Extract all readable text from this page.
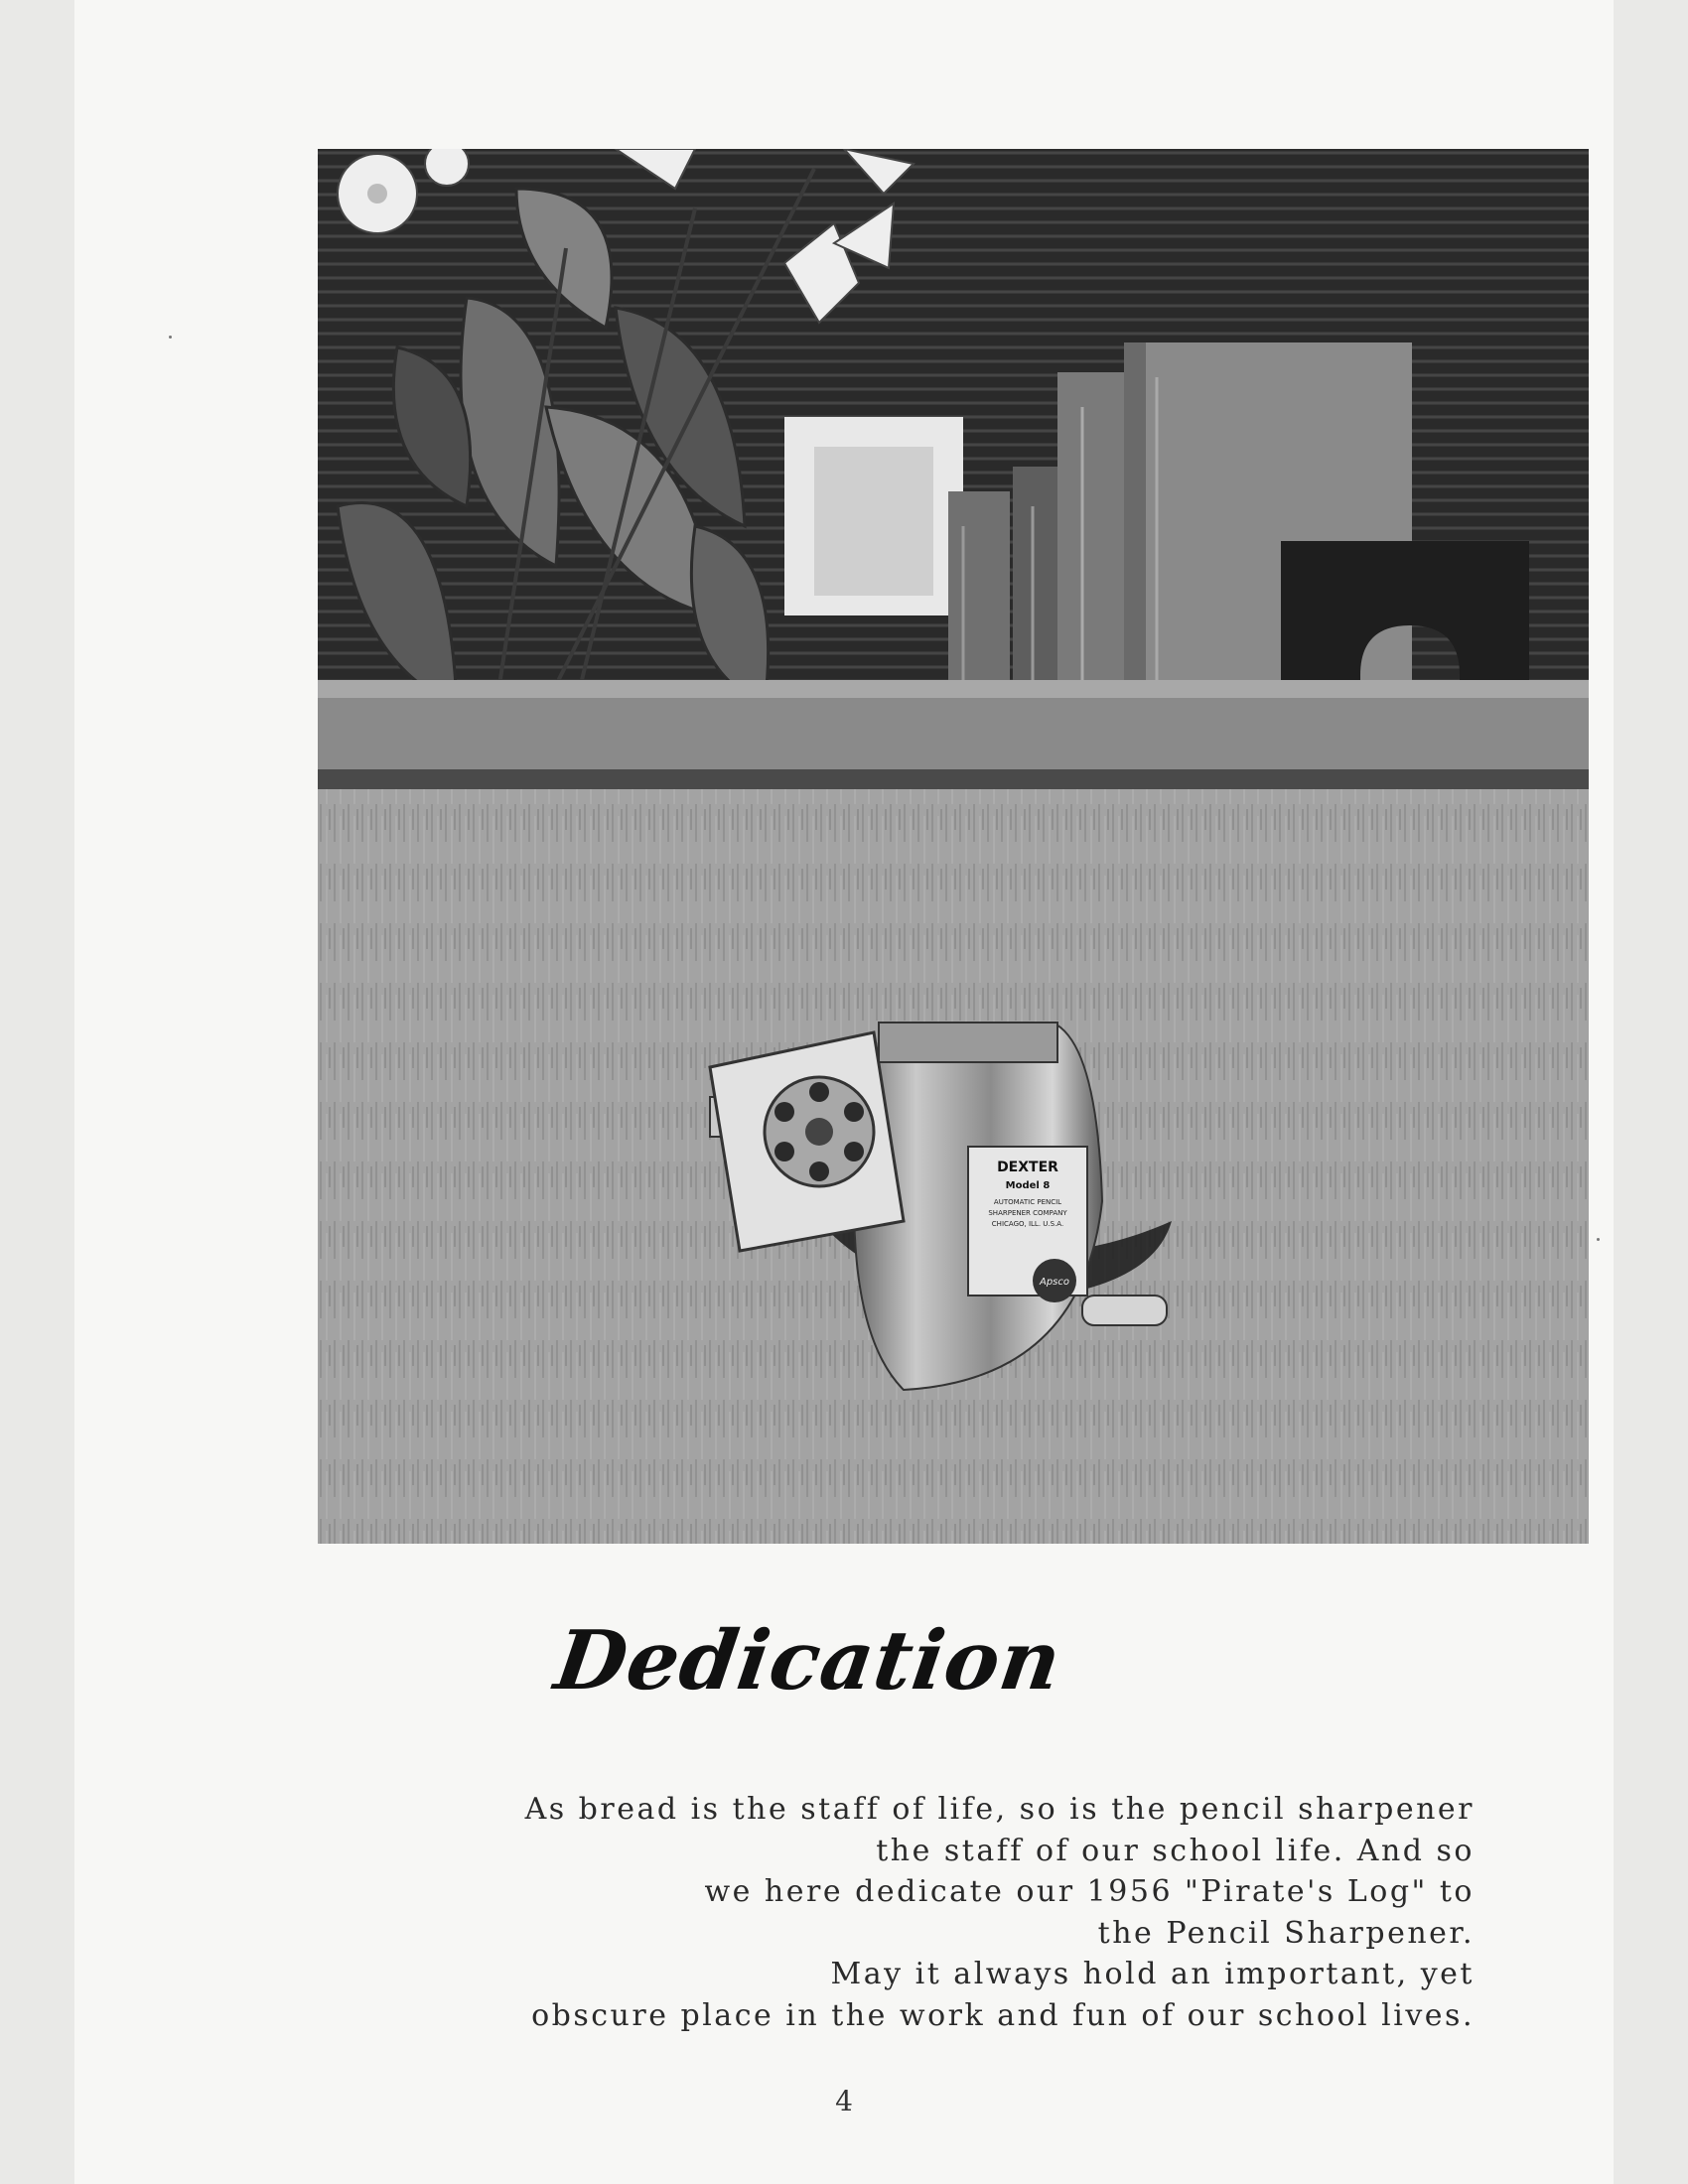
DEXTER
Model 8
AUTOMATIC PENCIL
SHARPENER COMPANY
CHICAGO, ILL. U.S.A.
Apsco
Dedication
As bread is the staff of life, so is the pencil sharpener
the staff of our school life. And so
we here dedicate our 1956 "Pirate's Log" to
the Pencil Sharpener.
May it always hold an important, yet
obscure place in the work and fun of our school lives.
4
